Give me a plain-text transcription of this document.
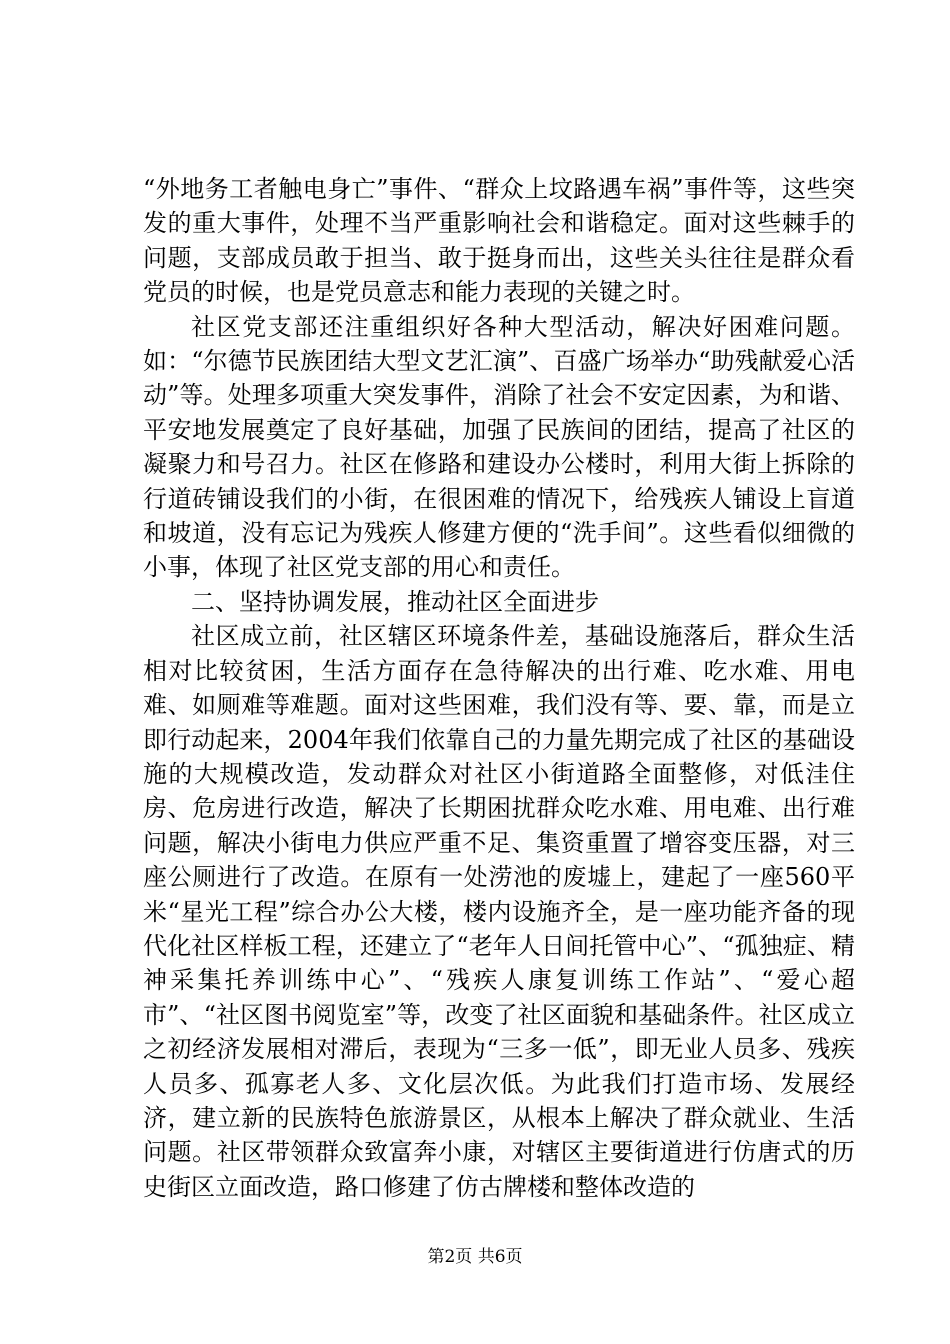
“外地务工者触电身亡”事件、“群众上坟路遇车祸”事件等，这些突发的重大事件，处理不当严重影响社会和谐稳定。面对这些棘手的问题，支部成员敢于担当、敢于挺身而出，这些关头往往是群众看党员的时候，也是党员意志和能力表现的关键之时。

社区党支部还注重组织好各种大型活动，解决好困难问题。如：“尔德节民族团结大型文艺汇演”、百盛广场举办“助残献爱心活动”等。处理多项重大突发事件，消除了社会不安定因素，为和谐、平安地发展奠定了良好基础，加强了民族间的团结，提高了社区的凝聚力和号召力。社区在修路和建设办公楼时，利用大街上拆除的行道砖铺设我们的小街，在很困难的情况下，给残疾人铺设上盲道和坡道，没有忘记为残疾人修建方便的“洗手间”。这些看似细微的小事，体现了社区党支部的用心和责任。

二、坚持协调发展，推动社区全面进步

社区成立前，社区辖区环境条件差，基础设施落后，群众生活相对比较贫困，生活方面存在急待解决的出行难、吃水难、用电难、如厕难等难题。面对这些困难，我们没有等、要、靠，而是立即行动起来，2004年我们依靠自己的力量先期完成了社区的基础设施的大规模改造，发动群众对社区小街道路全面整修，对低洼住房、危房进行改造，解决了长期困扰群众吃水难、用电难、出行难问题，解决小街电力供应严重不足、集资重置了增容变压器，对三座公厕进行了改造。在原有一处涝池的废墟上，建起了一座560平米“星光工程”综合办公大楼，楼内设施齐全，是一座功能齐备的现代化社区样板工程，还建立了“老年人日间托管中心”、“孤独症、精神采集托养训练中心”、“残疾人康复训练工作站”、“爱心超市”、“社区图书阅览室”等，改变了社区面貌和基础条件。社区成立之初经济发展相对滞后，表现为“三多一低”，即无业人员多、残疾人员多、孤寡老人多、文化层次低。为此我们打造市场、发展经济，建立新的民族特色旅游景区，从根本上解决了群众就业、生活问题。社区带领群众致富奔小康，对辖区主要街道进行仿唐式的历史街区立面改造，路口修建了仿古牌楼和整体改造的

第2页 共6页
